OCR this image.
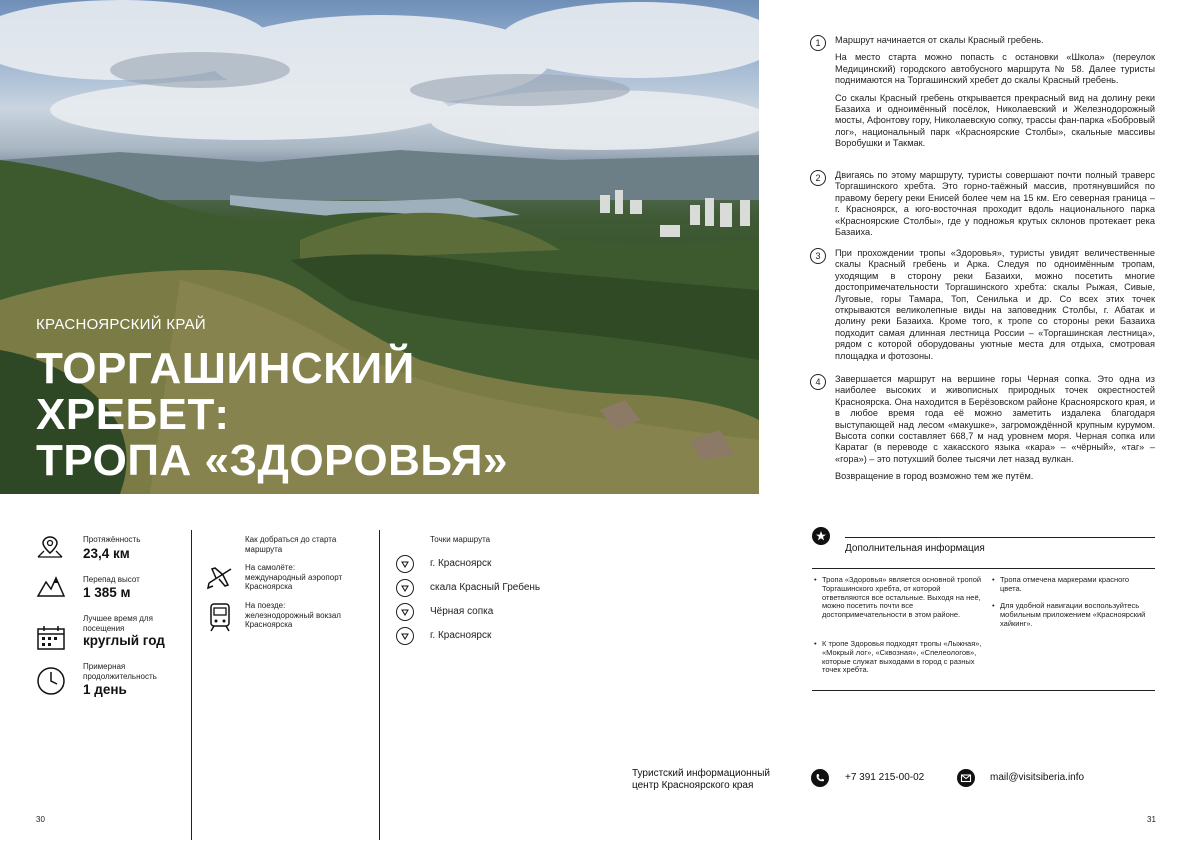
КРАСНОЯРСКИЙ КРАЙ
ТОРГАШИНСКИЙ
ХРЕБЕТ:
ТРОПА «ЗДОРОВЬЯ»
1	Маршрут начинается от скалы Красный гребень.

На место старта можно попасть с остановки «Школа» (переулок Медицинский) городского автобусного маршрута № 58. Далее туристы поднимаются на Торгашинский хребет до скалы Красный гребень.

Со скалы Красный гребень открывается прекрасный вид на долину реки Базаиха и одноимённый посёлок, Николаевский и Железнодорожный мосты, Афонтову гору, Николаевскую сопку, трассы фан-парка «Бобровый лог», национальный парк «Красноярские Столбы», скальные массивы Воробушки и Такмак.

2	Двигаясь по этому маршруту, туристы совершают почти полный траверс Торгашинского хребта. Это горно-таёжный массив, протянувшийся по правому берегу реки Енисей более чем на 15 км. Его северная граница – г. Красноярск, а юго-восточная проходит вдоль национального парка «Красноярские Столбы», где у подножья крутых склонов протекает река Базаиха.

3	При прохождении тропы «Здоровья», туристы увидят величественные скалы Красный гребень и Арка. Следуя по одноимённым тропам, уходящим в сторону реки Базаихи, можно посетить многие достопримечательности Торгашинского хребта: скалы Рыжая, Сивые, Луговые, горы Тамара, Топ, Сенилька и др. Со всех этих точек открываются великолепные виды на заповедник Столбы, г. Абатак и долину реки Базаиха. Кроме того, к тропе со стороны реки Базаиха подходит самая длинная лестница России – «Торгашинская лестница», рядом с которой оборудованы уютные места для отдыха, смотровая площадка и фотозоны.

4	Завершается маршрут на вершине горы Черная сопка. Это одна из наиболее высоких и живописных природных точек окрестностей Красноярска. Она находится в Берёзовском районе Красноярского края, и в любое время года её можно заметить издалека благодаря выступающей над лесом «макушке», загромождённой крупным курумом. Высота сопки составляет 668,7 м над уровнем моря. Черная сопка или Каратаг (в переводе с хакасского языка «кара» – «чёрный», «таг» – «гора») – это потухший более тысячи лет назад вулкан.

Возвращение в город возможно тем же путём.

Протяжённость
23,4 км
Перепад высот
1 385 м
Лучшее время для посещения
круглый год
Примерная продолжительность
1 день
Как добраться до старта маршрута
На самолёте: международный аэропорт Красноярска
На поезде: железнодорожный вокзал Красноярска
Точки маршрута
г. Красноярск
скала Красный Гребень
Чёрная сопка
г. Красноярск
Дополнительная информация
• Тропа «Здоровья» является основной тропой Торгашинского хребта, от которой ответвляются все остальные. Выходя на неё, можно посетить почти все достопримечательности в этом районе.
• К тропе Здоровья подходят тропы «Лыжная», «Мокрый лог», «Сквозная», «Спелеологов», которые служат выходами в город с разных точек хребта.
• Тропа отмечена маркерами красного цвета.
• Для удобной навигации воспользуйтесь мобильным приложением «Красноярский хайкинг».
Туристский информационный
центр Красноярского края
+7 391 215-00-02	mail@visitsiberia.info
30	31
